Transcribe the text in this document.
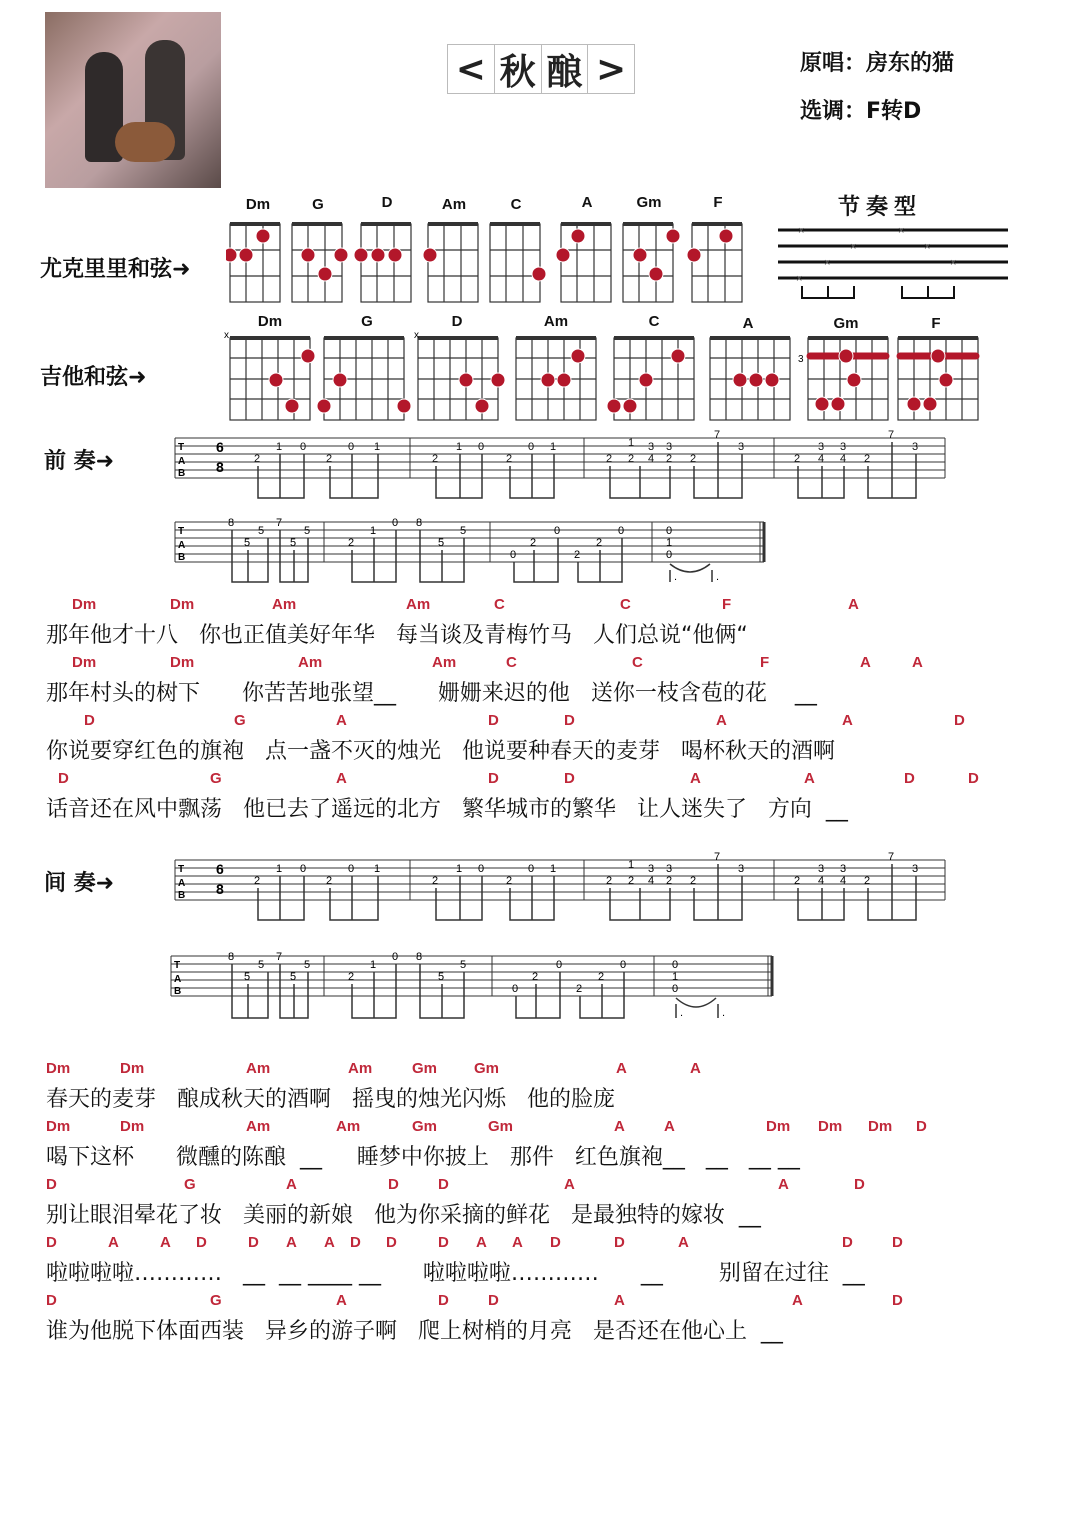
< 秋 酿 >	原唱：房东的猫
选调：F转D
尤克里里和弦➜
吉他和弦➜
前 奏➜
间 奏➜
Dm	G	D	Am	C	A	Gm	F	节奏型
×
×
×
×
×
×
×
Dm	G	D	Am	C	A	Gm	F
x	x
3
T
A
B
6
8	2
1 0
2
0 1
2
1 0
2
0 1
2
1
2
3
4
3
2 2
7
3
2
3
4
3
4 2
7
3
T
A
B
8
5
5
7
5
5
2
1
0 8
5
5
0
2
0
2
2
0	0
1
0
.	.
T
A
B
6
8	2
1 0
2
0 1
2
1 0
2
0 1
2
1
2
3
4
3
2 2
7
3
2
3
4
3
4 2
7
3
T
A
B
8
5
5
7
5
5
2
1
0 8
5
5
0
2
0
2
2
0	0
1
0
.	.
Dm	Dm	Am	Am	C	C	F	A
那年他才十八   你也正值美好年华   每当谈及青梅竹马   人们总说“他俩“
Dm	Dm	Am	Am	C	C	F	A	A
那年村头的树下      你苦苦地张望__      姗姗来迟的他   送你一枝含苞的花    __
D	G	A	D	D	A	A	D
你说要穿红色的旗袍   点一盏不灭的烛光   他说要种春天的麦芽   喝杯秋天的酒啊
D	G	A	D	D	A	A	D	D
话音还在风中飘荡   他已去了遥远的北方   繁华城市的繁华   让人迷失了   方向  __
Dm	Dm	Am	Am	Gm Gm	A	A
春天的麦芽   酿成秋天的酒啊   摇曳的烛光闪烁   他的脸庞
Dm	Dm	Am	Am	Gm	Gm	A	A	Dm Dm Dm D
喝下这杯      微醺的陈酿  __     睡梦中你披上   那件   红色旗袍__   __   __ __
D	G	A	D	D	A	A	D
别让眼泪晕花了妆   美丽的新娘   他为你采摘的鲜花   是最独特的嫁妆  __
D	A	A D	D A A D D	D A A D	D	A	D	D
啦啦啦啦…………   __  __ ____ __      啦啦啦啦…………      __        别留在过往  __
D	G	A	D	D	A	A	D
谁为他脱下体面西装   异乡的游子啊   爬上树梢的月亮   是否还在他心上  __
